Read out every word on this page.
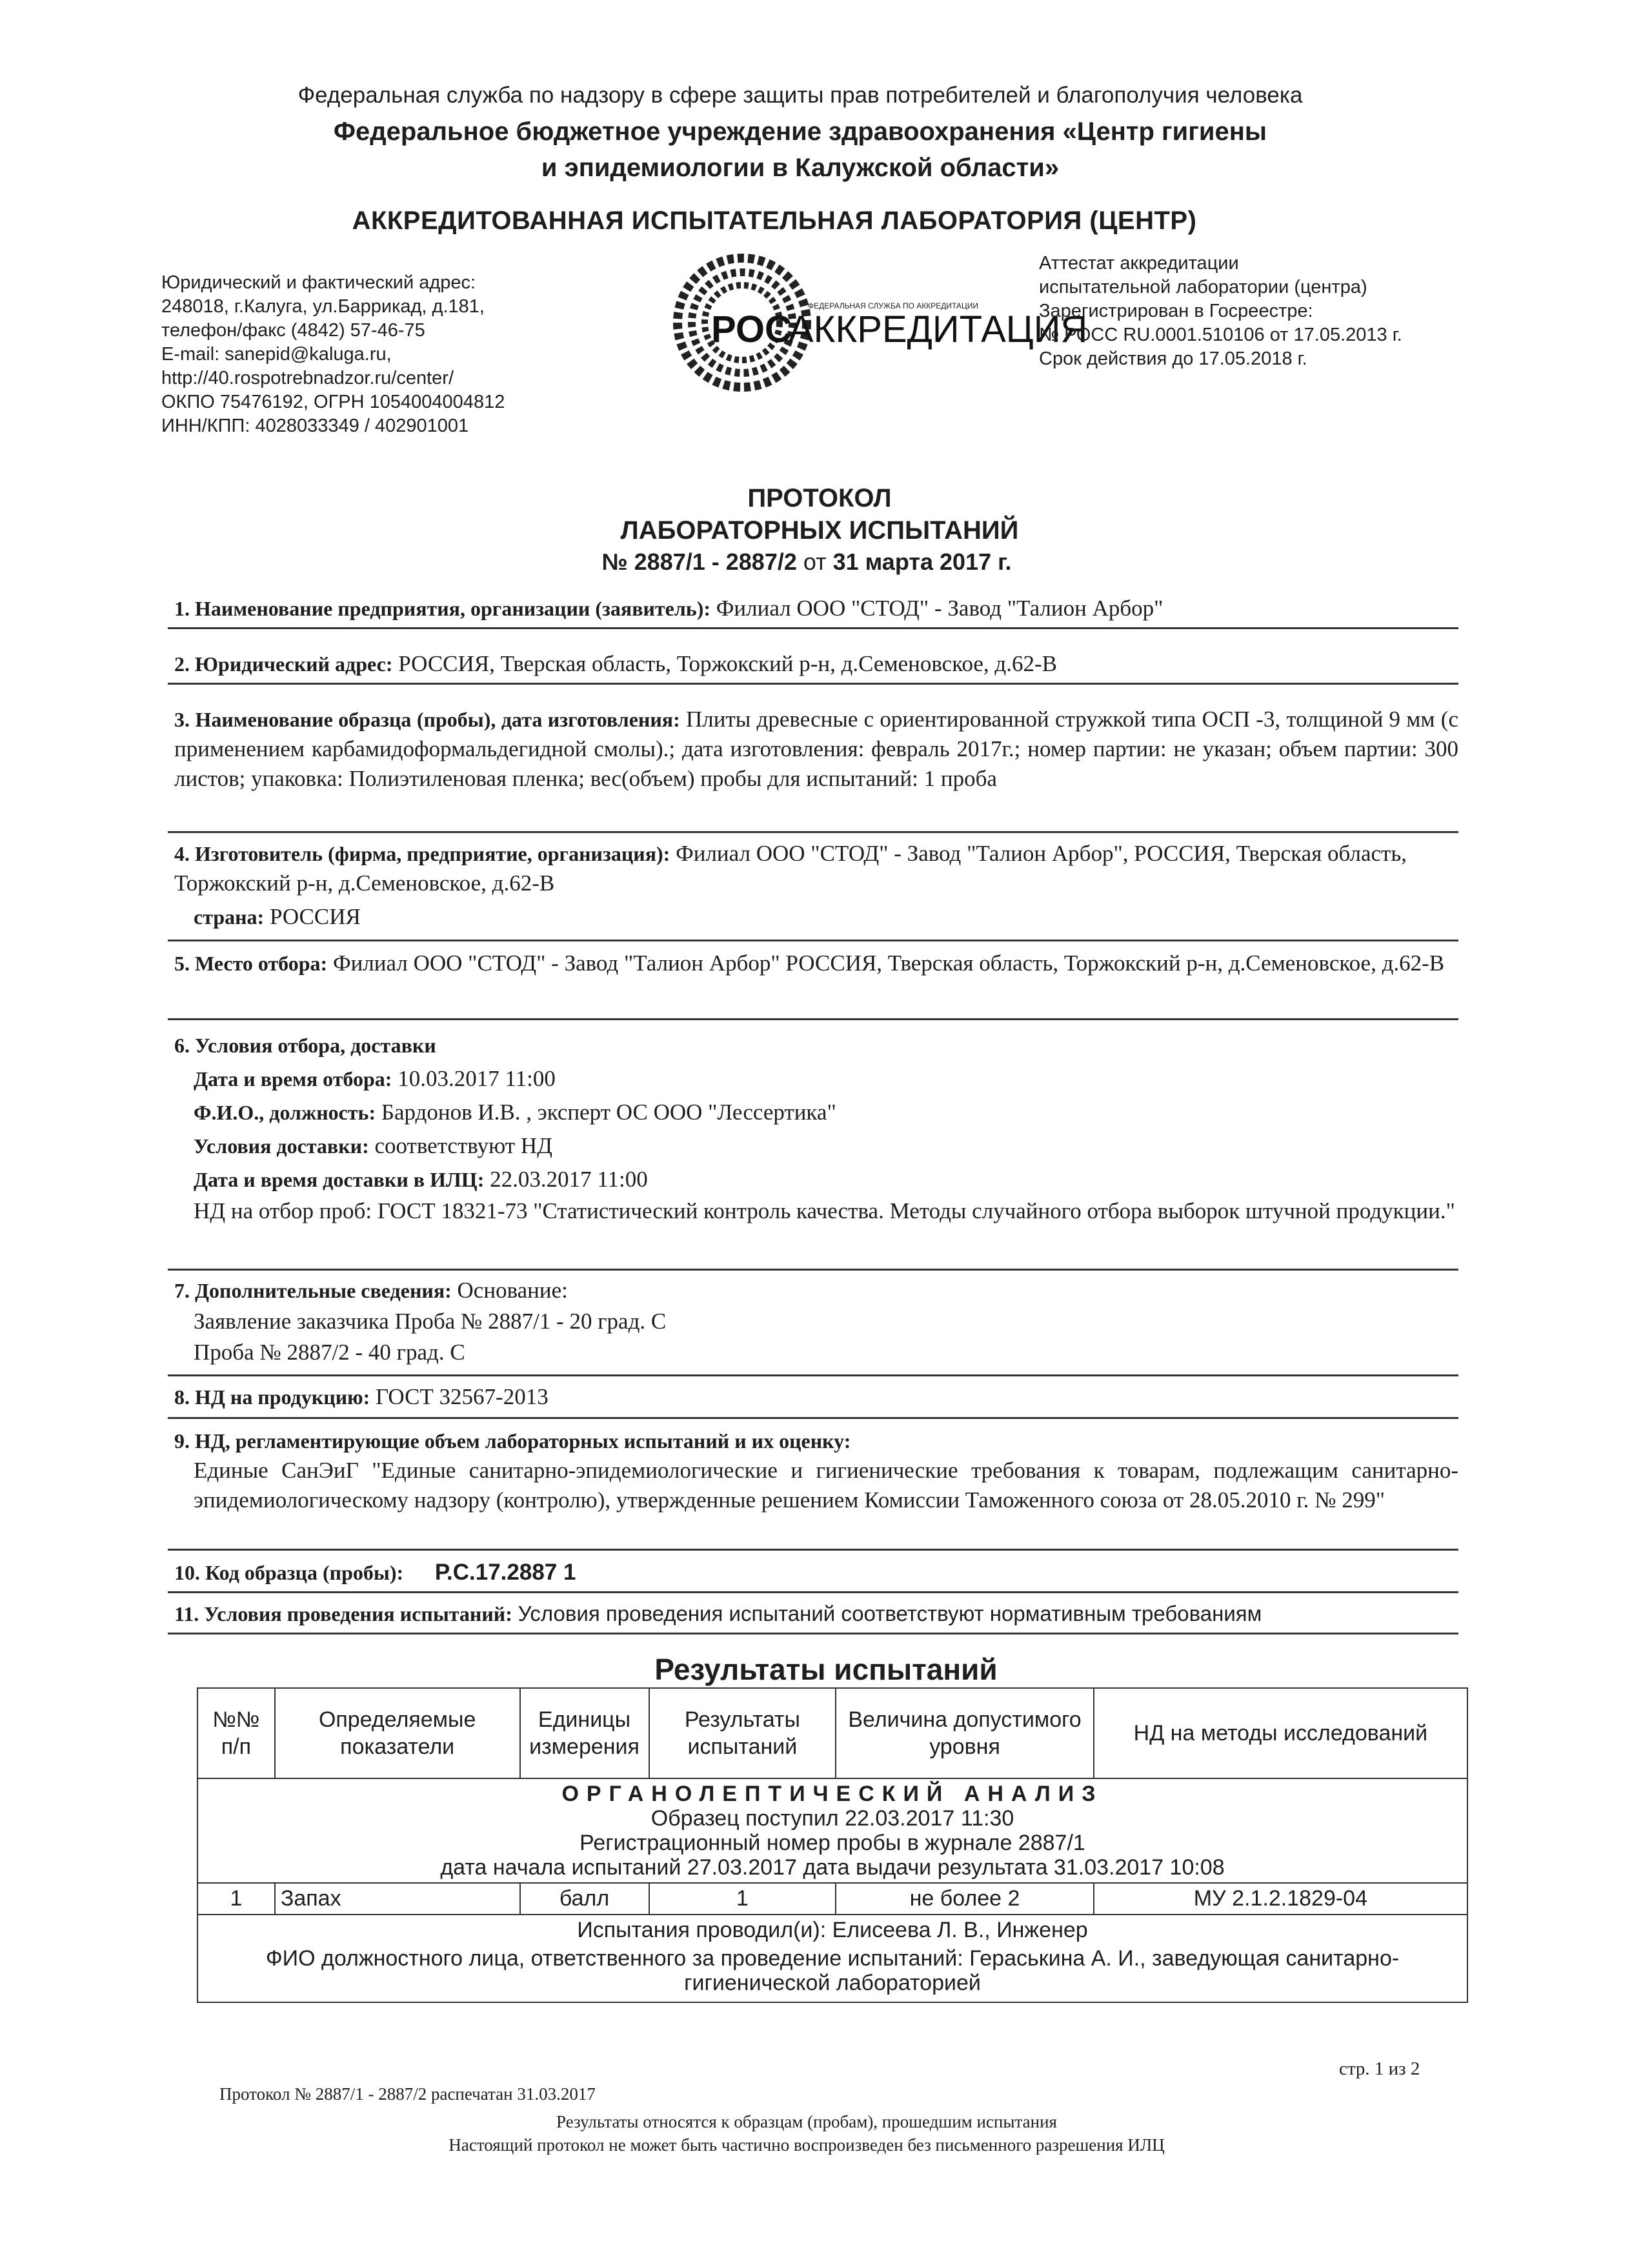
Федеральная служба по надзору в сфере защиты прав потребителей и благополучия человека
Федеральное бюджетное учреждение здравоохранения «Центр гигиены
и эпидемиологии в Калужской области»
АККРЕДИТОВАННАЯ ИСПЫТАТЕЛЬНАЯ ЛАБОРАТОРИЯ (ЦЕНТР)
Юридический и фактический адрес:
248018, г.Калуга, ул.Баррикад, д.181,
телефон/факс (4842) 57-46-75
E-mail: sanepid@kaluga.ru,
http://40.rospotrebnadzor.ru/center/
ОКПО 75476192, ОГРН 1054004004812
ИНН/КПП: 4028033349 / 402901001
ФЕДЕРАЛЬНАЯ СЛУЖБА ПО АККРЕДИТАЦИИ
РОС
АККРЕДИТАЦИЯ
Аттестат аккредитации
испытательной лаборатории (центра)
Зарегистрирован в Госреестре:
№ РОСС RU.0001.510106 от 17.05.2013 г.
Срок действия до 17.05.2018 г.
ПРОТОКОЛ
ЛАБОРАТОРНЫХ ИСПЫТАНИЙ
№ 2887/1 - 2887/2 от 31 марта 2017 г.
1. Наименование предприятия, организации (заявитель): Филиал ООО "СТОД" - Завод "Талион Арбор"
2. Юридический адрес: РОССИЯ, Тверская область, Торжокский р-н, д.Семеновское, д.62-В
3. Наименование образца (пробы), дата изготовления: Плиты древесные с ориентированной стружкой типа ОСП -3, толщиной 9 мм (с применением карбамидоформальдегидной смолы).; дата изготовления: февраль 2017г.; номер партии: не указан; объем партии: 300 листов; упаковка: Полиэтиленовая пленка; вес(объем) пробы для испытаний: 1 проба
4. Изготовитель (фирма, предприятие, организация): Филиал ООО "СТОД" - Завод "Талион Арбор", РОССИЯ, Тверская область, Торжокский р-н, д.Семеновское, д.62-В
страна: РОССИЯ
5. Место отбора: Филиал ООО "СТОД" - Завод "Талион Арбор" РОССИЯ, Тверская область, Торжокский р-н, д.Семеновское, д.62-В
6. Условия отбора, доставки
Дата и время отбора: 10.03.2017 11:00
Ф.И.О., должность: Бардонов И.В. , эксперт ОС ООО "Лессертика"
Условия доставки: соответствуют НД
Дата и время доставки в ИЛЦ: 22.03.2017 11:00
НД на отбор проб: ГОСТ 18321-73 "Статистический контроль качества. Методы случайного отбора выборок штучной продукции."
7. Дополнительные сведения: Основание:
Заявление заказчика Проба № 2887/1 - 20 град. С
Проба № 2887/2 - 40 град. С
8. НД на продукцию: ГОСТ 32567-2013
9. НД, регламентирующие объем лабораторных испытаний и их оценку:
Единые СанЭиГ "Единые санитарно-эпидемиологические и гигиенические требования к товарам, подлежащим санитарно-эпидемиологическому надзору (контролю), утвержденные решением Комиссии Таможенного союза от 28.05.2010 г. № 299"
10. Код образца (пробы): Р.С.17.2887 1
11. Условия проведения испытаний: Условия проведения испытаний соответствуют нормативным требованиям
Результаты испытаний
№№ п/п	Определяемые показатели	Единицы измерения	Результаты испытаний	Величина допустимого уровня	НД на методы исследований

ОРГАНОЛЕПТИЧЕСКИЙ АНАЛИЗ
Образец поступил 22.03.2017 11:30
Регистрационный номер пробы в журнале 2887/1
дата начала испытаний 27.03.2017 дата выдачи результата 31.03.2017 10:08					

1	Запах	балл	1	не более 2	МУ 2.1.2.1829-04

Испытания проводил(и): Елисеева Л. В., Инженер
ФИО должностного лица, ответственного за проведение испытаний: Гераськина А. И., заведующая санитарно-гигиенической лабораторией					
стр. 1 из 2
Протокол № 2887/1 - 2887/2 распечатан 31.03.2017
Результаты относятся к образцам (пробам), прошедшим испытания
Настоящий протокол не может быть частично воспроизведен без письменного разрешения ИЛЦ
